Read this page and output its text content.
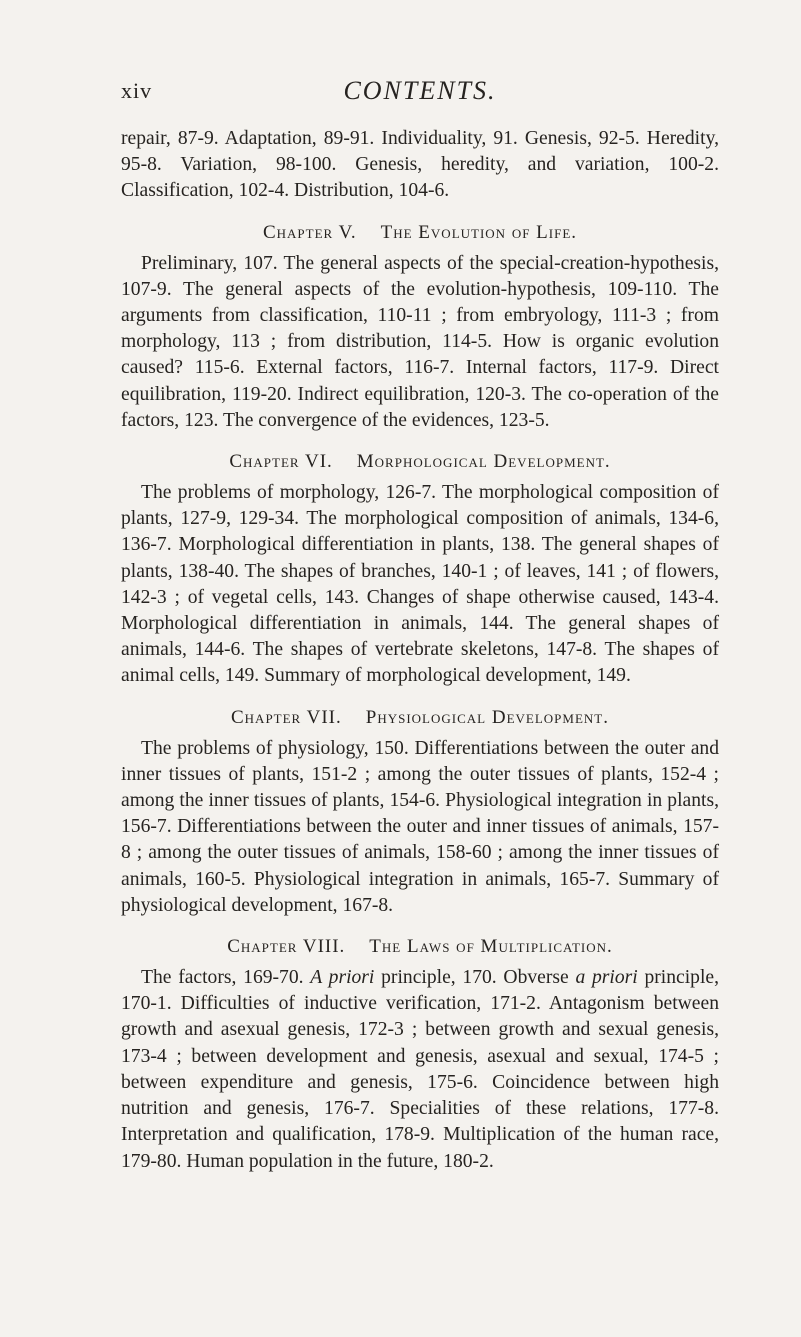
xiv	CONTENTS.

repair, 87-9. Adaptation, 89-91. Individuality, 91. Genesis, 92-5. Heredity, 95-8. Variation, 98-100. Genesis, heredity, and variation, 100-2. Classification, 102-4. Distribution, 104-6.

Chapter V. The Evolution of Life.

Preliminary, 107. The general aspects of the special-creation-hypothesis, 107-9. The general aspects of the evolution-hypothesis, 109-110. The arguments from classification, 110-11 ; from embryology, 111-3 ; from morphology, 113 ; from distribution, 114-5. How is organic evolution caused? 115-6. External factors, 116-7. Internal factors, 117-9. Direct equilibration, 119-20. Indirect equilibration, 120-3. The co-operation of the factors, 123. The convergence of the evidences, 123-5.

Chapter VI. Morphological Development.

The problems of morphology, 126-7. The morphological composition of plants, 127-9, 129-34. The morphological composition of animals, 134-6, 136-7. Morphological differentiation in plants, 138. The general shapes of plants, 138-40. The shapes of branches, 140-1 ; of leaves, 141 ; of flowers, 142-3 ; of vegetal cells, 143. Changes of shape otherwise caused, 143-4. Morphological differentiation in animals, 144. The general shapes of animals, 144-6. The shapes of vertebrate skeletons, 147-8. The shapes of animal cells, 149. Summary of morphological development, 149.

Chapter VII. Physiological Development.

The problems of physiology, 150. Differentiations between the outer and inner tissues of plants, 151-2 ; among the outer tissues of plants, 152-4 ; among the inner tissues of plants, 154-6. Physiological integration in plants, 156-7. Differentiations between the outer and inner tissues of animals, 157-8 ; among the outer tissues of animals, 158-60 ; among the inner tissues of animals, 160-5. Physiological integration in animals, 165-7. Summary of physiological development, 167-8.

Chapter VIII. The Laws of Multiplication.

The factors, 169-70. A priori principle, 170. Obverse a priori principle, 170-1. Difficulties of inductive verification, 171-2. Antagonism between growth and asexual genesis, 172-3 ; between growth and sexual genesis, 173-4 ; between development and genesis, asexual and sexual, 174-5 ; between expenditure and genesis, 175-6. Coincidence between high nutrition and genesis, 176-7. Specialities of these relations, 177-8. Interpretation and qualification, 178-9. Multiplication of the human race, 179-80. Human population in the future, 180-2.
